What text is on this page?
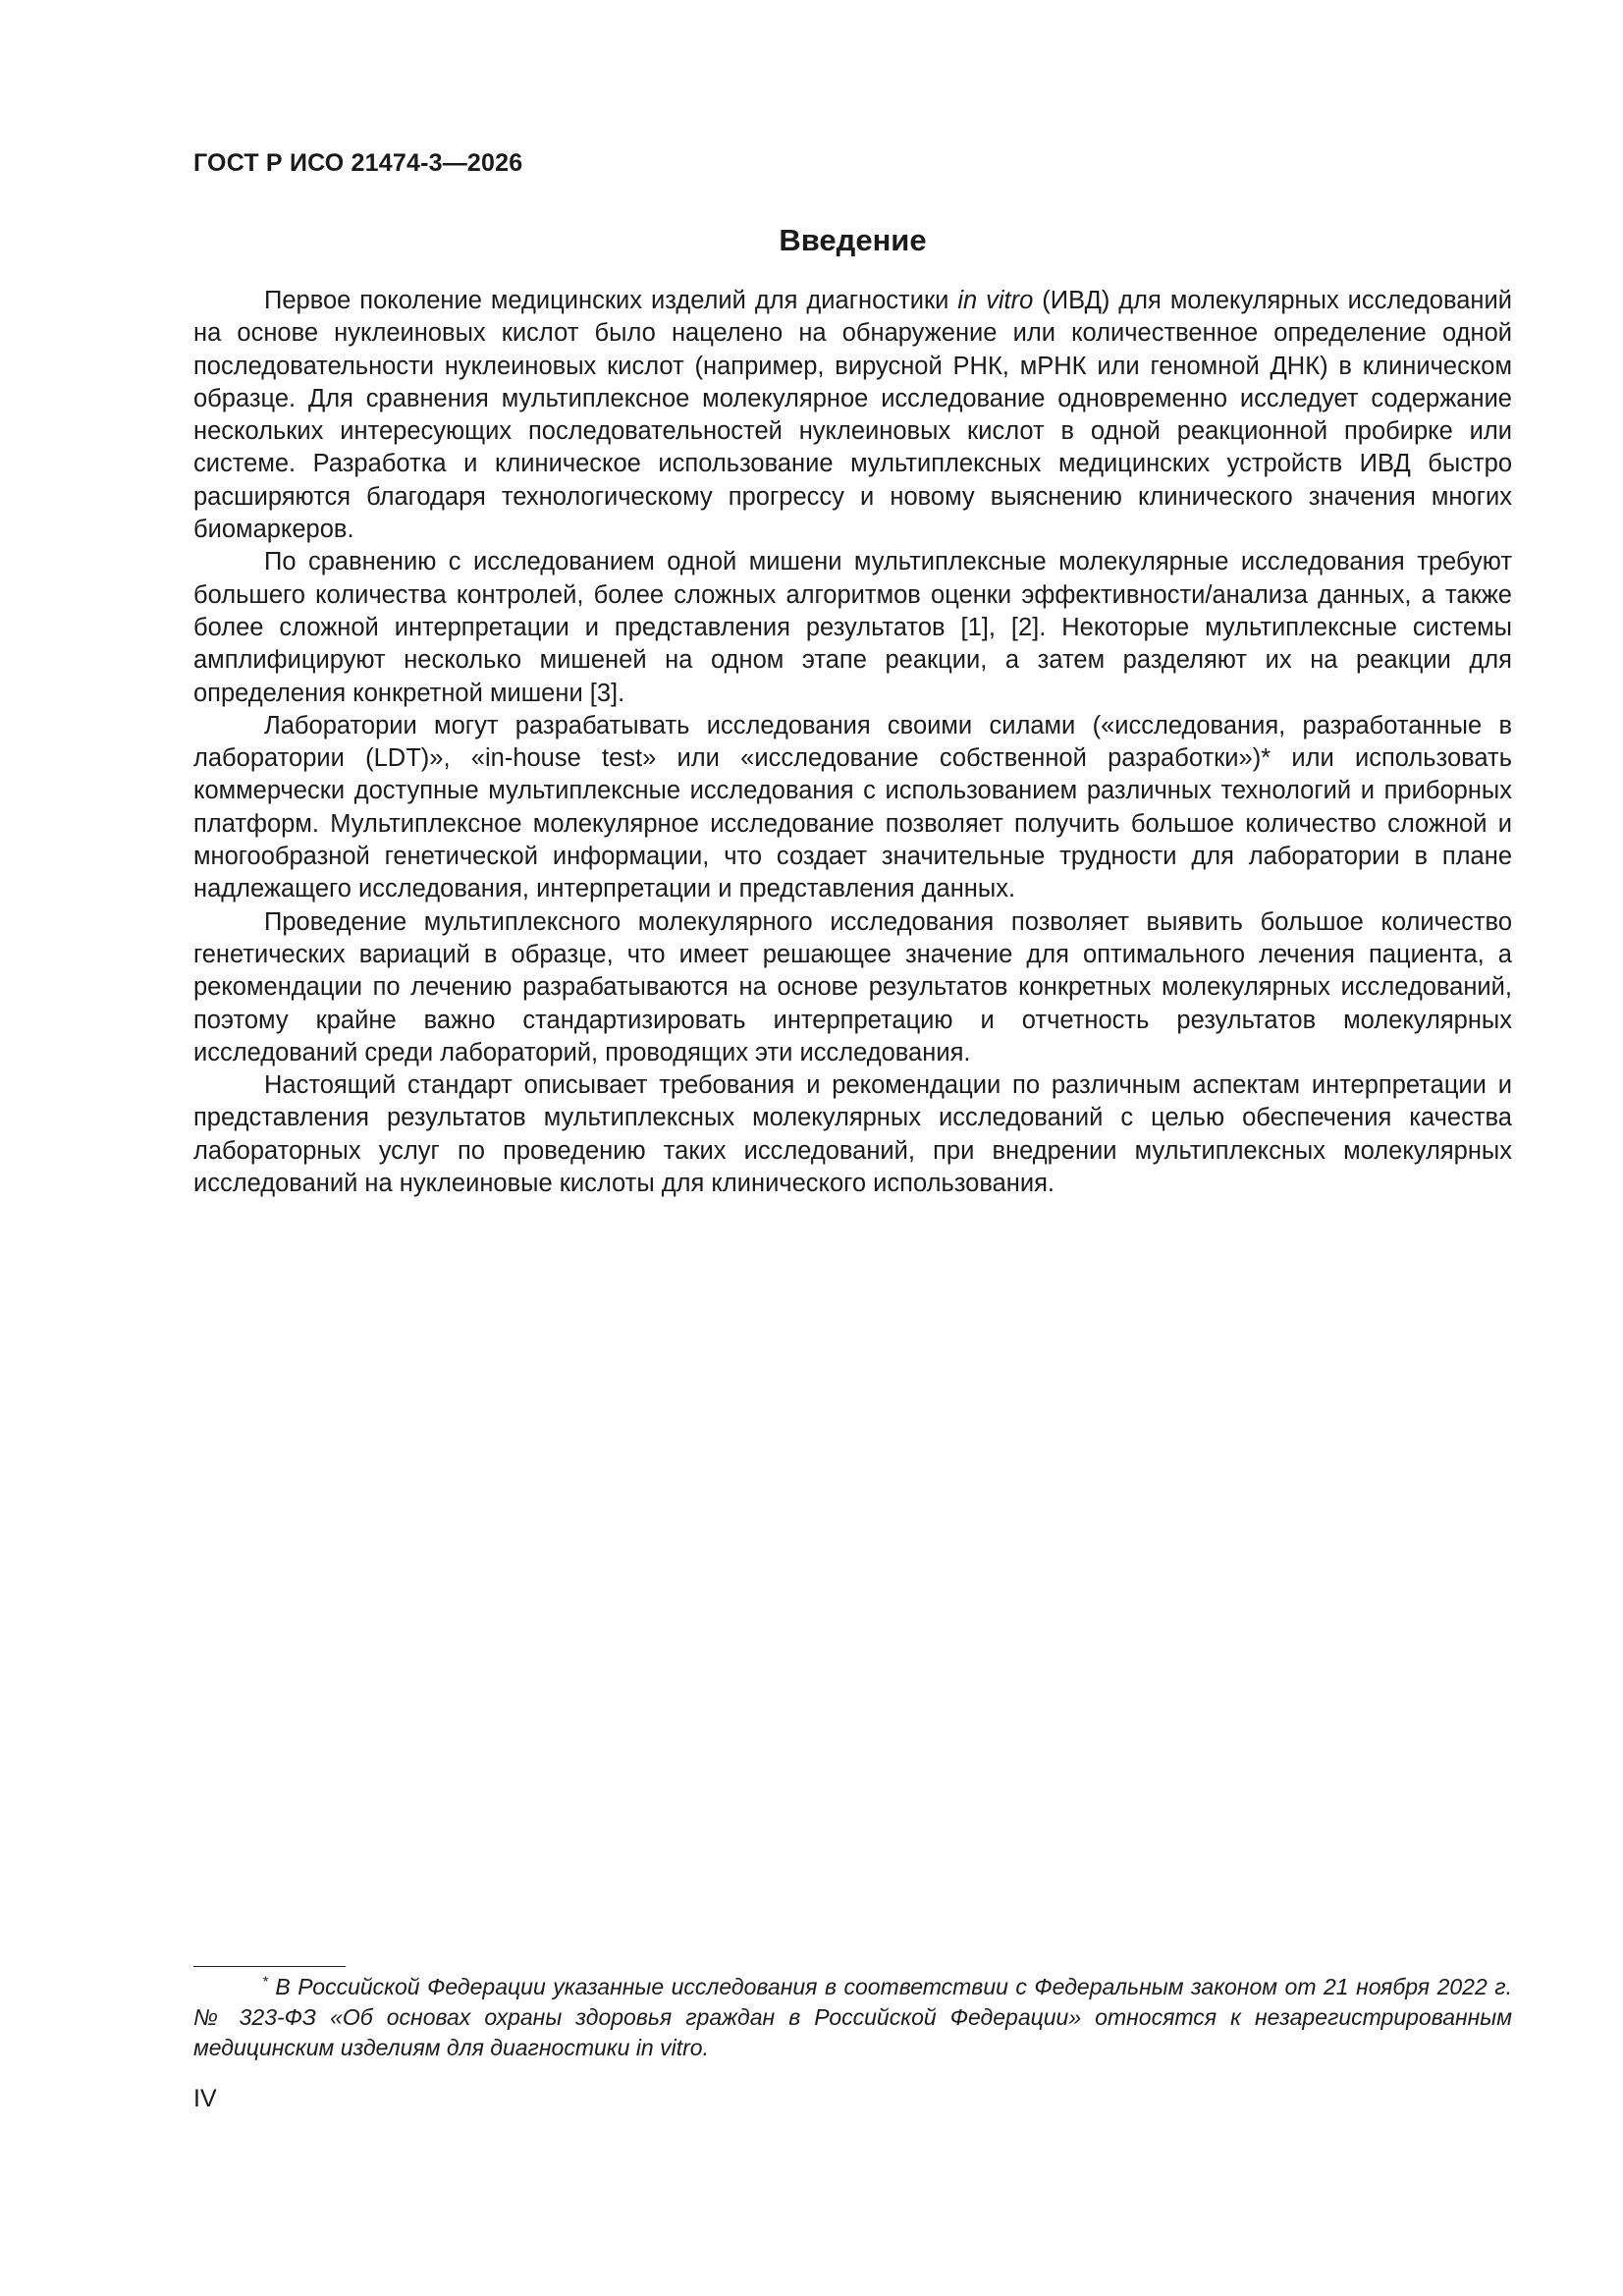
ГОСТ Р ИСО 21474-3—2026
Введение

Первое поколение медицинских изделий для диагностики in vitro (ИВД) для молекулярных исследований на основе нуклеиновых кислот было нацелено на обнаружение или количественное определение одной последовательности нуклеиновых кислот (например, вирусной РНК, мРНК или геномной ДНК) в клиническом образце. Для сравнения мультиплексное молекулярное исследование одновременно исследует содержание нескольких интересующих последовательностей нуклеиновых кислот в одной реакционной пробирке или системе. Разработка и клиническое использование мультиплексных медицинских устройств ИВД быстро расширяются благодаря технологическому прогрессу и новому выяснению клинического значения многих биомаркеров.

По сравнению с исследованием одной мишени мультиплексные молекулярные исследования требуют большего количества контролей, более сложных алгоритмов оценки эффективности/анализа данных, а также более сложной интерпретации и представления результатов [1], [2]. Некоторые мультиплексные системы амплифицируют несколько мишеней на одном этапе реакции, а затем разделяют их на реакции для определения конкретной мишени [3].

Лаборатории могут разрабатывать исследования своими силами («исследования, разработанные в лаборатории (LDT)», «in-house test» или «исследование собственной разработки»)* или использовать коммерчески доступные мультиплексные исследования с использованием различных технологий и приборных платформ. Мультиплексное молекулярное исследование позволяет получить большое количество сложной и многообразной генетической информации, что создает значительные трудности для лаборатории в плане надлежащего исследования, интерпретации и представления данных.

Проведение мультиплексного молекулярного исследования позволяет выявить большое количество генетических вариаций в образце, что имеет решающее значение для оптимального лечения пациента, а рекомендации по лечению разрабатываются на основе результатов конкретных молекулярных исследований, поэтому крайне важно стандартизировать интерпретацию и отчетность результатов молекулярных исследований среди лабораторий, проводящих эти исследования.

Настоящий стандарт описывает требования и рекомендации по различным аспектам интерпретации и представления результатов мультиплексных молекулярных исследований с целью обеспечения качества лабораторных услуг по проведению таких исследований, при внедрении мультиплексных молекулярных исследований на нуклеиновые кислоты для клинического использования.

* В Российской Федерации указанные исследования в соответствии с Федеральным законом от 21 ноября 2022 г. № 323-ФЗ «Об основах охраны здоровья граждан в Российской Федерации» относятся к незарегистрированным медицинским изделиям для диагностики in vitro.
IV
